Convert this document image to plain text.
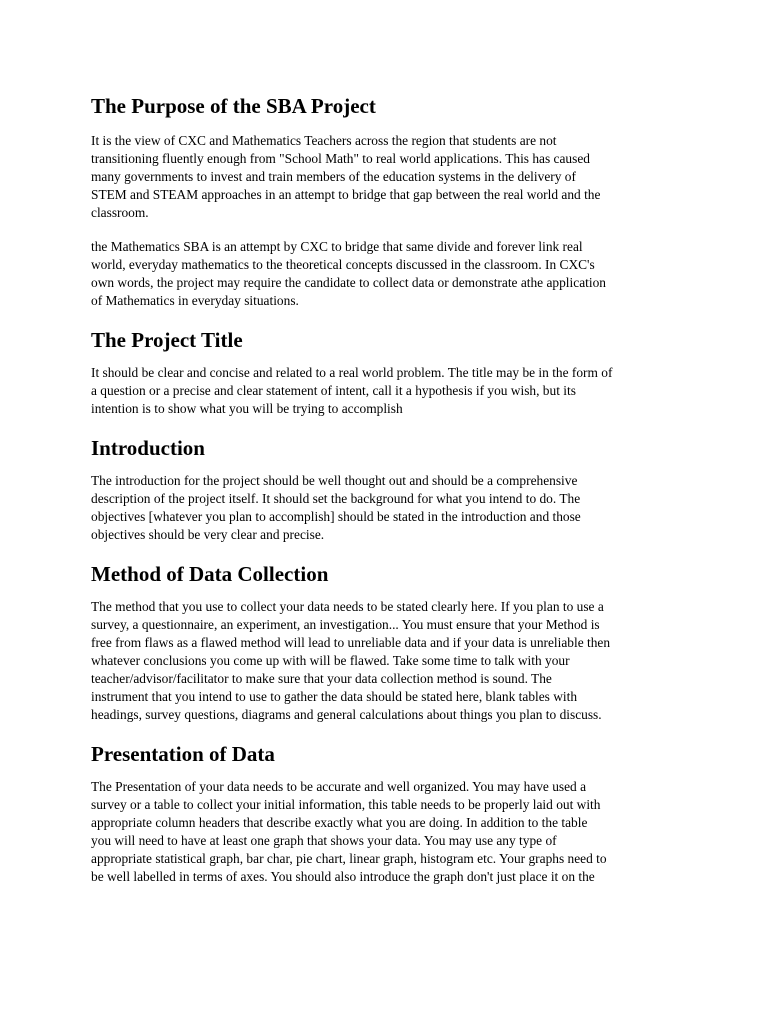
The Purpose of the SBA Project

It is the view of CXC and Mathematics Teachers across the region that students are not
transitioning fluently enough from "School Math" to real world applications. This has caused
many governments to invest and train members of the education systems in the delivery of
STEM and STEAM approaches in an attempt to bridge that gap between the real world and the
classroom.

the Mathematics SBA is an attempt by CXC to bridge that same divide and forever link real
world, everyday mathematics to the theoretical concepts discussed in the classroom. In CXC's
own words, the project may require the candidate to collect data or demonstrate athe application
of Mathematics in everyday situations.

The Project Title

It should be clear and concise and related to a real world problem. The title may be in the form of
a question or a precise and clear statement of intent, call it a hypothesis if you wish, but its
intention is to show what you will be trying to accomplish

Introduction

The introduction for the project should be well thought out and should be a comprehensive
description of the project itself. It should set the background for what you intend to do. The
objectives [whatever you plan to accomplish] should be stated in the introduction and those
objectives should be very clear and precise.

Method of Data Collection

The method that you use to collect your data needs to be stated clearly here. If you plan to use a
survey, a questionnaire, an experiment, an investigation... You must ensure that your Method is
free from flaws as a flawed method will lead to unreliable data and if your data is unreliable then
whatever conclusions you come up with will be flawed. Take some time to talk with your
teacher/advisor/facilitator to make sure that your data collection method is sound. The
instrument that you intend to use to gather the data should be stated here, blank tables with
headings, survey questions, diagrams and general calculations about things you plan to discuss.

Presentation of Data

The Presentation of your data needs to be accurate and well organized. You may have used a
survey or a table to collect your initial information, this table needs to be properly laid out with
appropriate column headers that describe exactly what you are doing. In addition to the table
you will need to have at least one graph that shows your data. You may use any type of
appropriate statistical graph, bar char, pie chart, linear graph, histogram etc. Your graphs need to
be well labelled in terms of axes. You should also introduce the graph don't just place it on the
